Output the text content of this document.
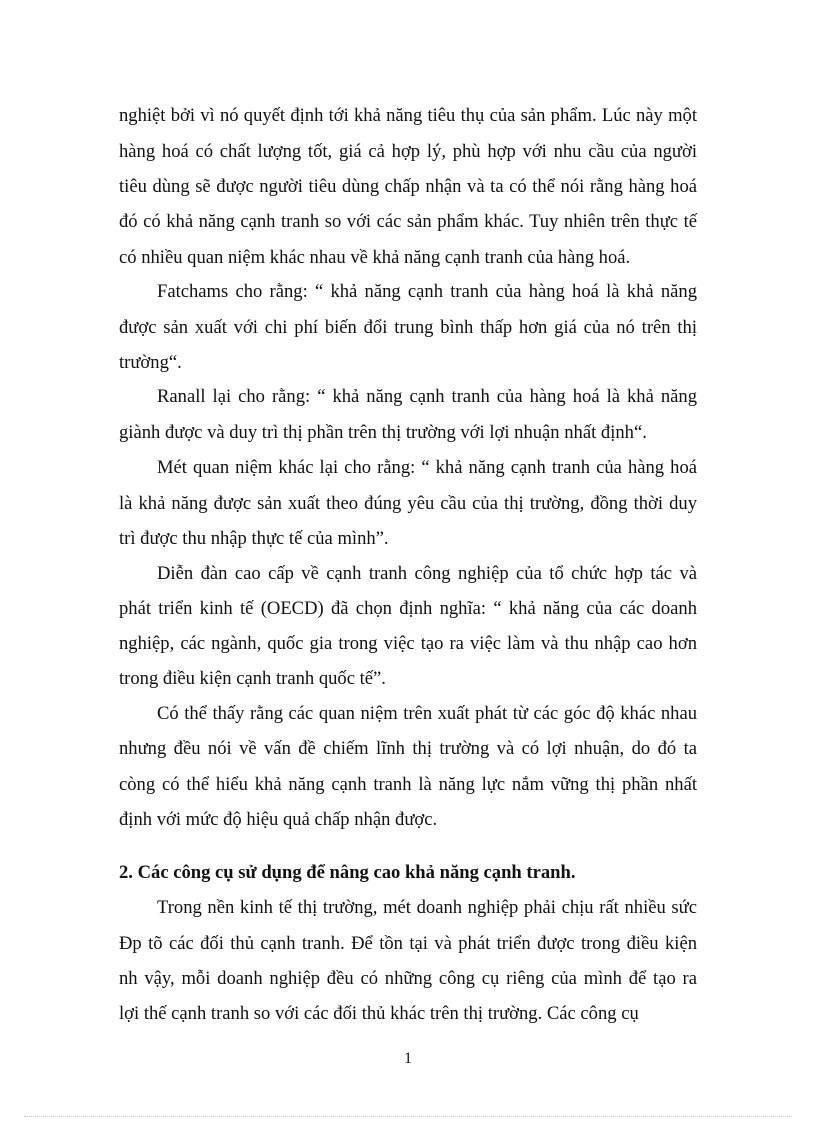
nghiệt bởi vì nó quyết định tới khả năng tiêu thụ của sản phẩm. Lúc này một
hàng hoá có chất lượng tốt, giá cả hợp lý, phù hợp với nhu cầu của người
tiêu dùng sẽ được người tiêu dùng chấp nhận và ta có thể nói rằng hàng hoá
đó có khả năng cạnh tranh so với các sản phẩm khác. Tuy nhiên trên thực tế
có nhiều quan niệm khác nhau về khả năng cạnh tranh của hàng hoá.
Fatchams cho rằng: “ khả năng cạnh tranh của hàng hoá là khả năng
được sản xuất với chi phí biến đổi trung bình thấp hơn giá của nó trên thị
trường“.
Ranall lại cho rằng: “ khả năng cạnh tranh của hàng hoá là khả năng
giành được và duy trì thị phần trên thị trường với lợi nhuận nhất định“.
Mét quan niệm khác lại cho rằng: “ khả năng cạnh tranh của hàng hoá
là khả năng được sản xuất theo đúng yêu cầu của thị trường, đồng thời duy
trì được thu nhập thực tế của mình”.
Diễn đàn cao cấp về cạnh tranh công nghiệp của tổ chức hợp tác và
phát triển kinh tế (OECD) đã chọn định nghĩa: “ khả năng của các doanh
nghiệp, các ngành, quốc gia trong việc tạo ra việc làm và thu nhập cao hơn
trong điều kiện cạnh tranh quốc tế”.
Có thể thấy rằng các quan niệm trên xuất phát từ các góc độ khác nhau
nhưng đều nói về vấn đề chiếm lĩnh thị trường và có lợi nhuận, do đó ta
còng có thể hiểu khả năng cạnh tranh là năng lực nắm vững thị phần nhất
định với mức độ hiệu quả chấp nhận được.
2. Các công cụ sử dụng để nâng cao khả năng cạnh tranh.
Trong nền kinh tế thị trường, mét doanh nghiệp phải chịu rất nhiều sức
Ðp tõ các đối thủ cạnh tranh. Để tồn tại và phát triển được trong điều kiện
nh vậy, mỗi doanh nghiệp đều có những công cụ riêng của mình để tạo ra
lợi thế cạnh tranh so với các đối thủ khác trên thị trường. Các công cụ
1
